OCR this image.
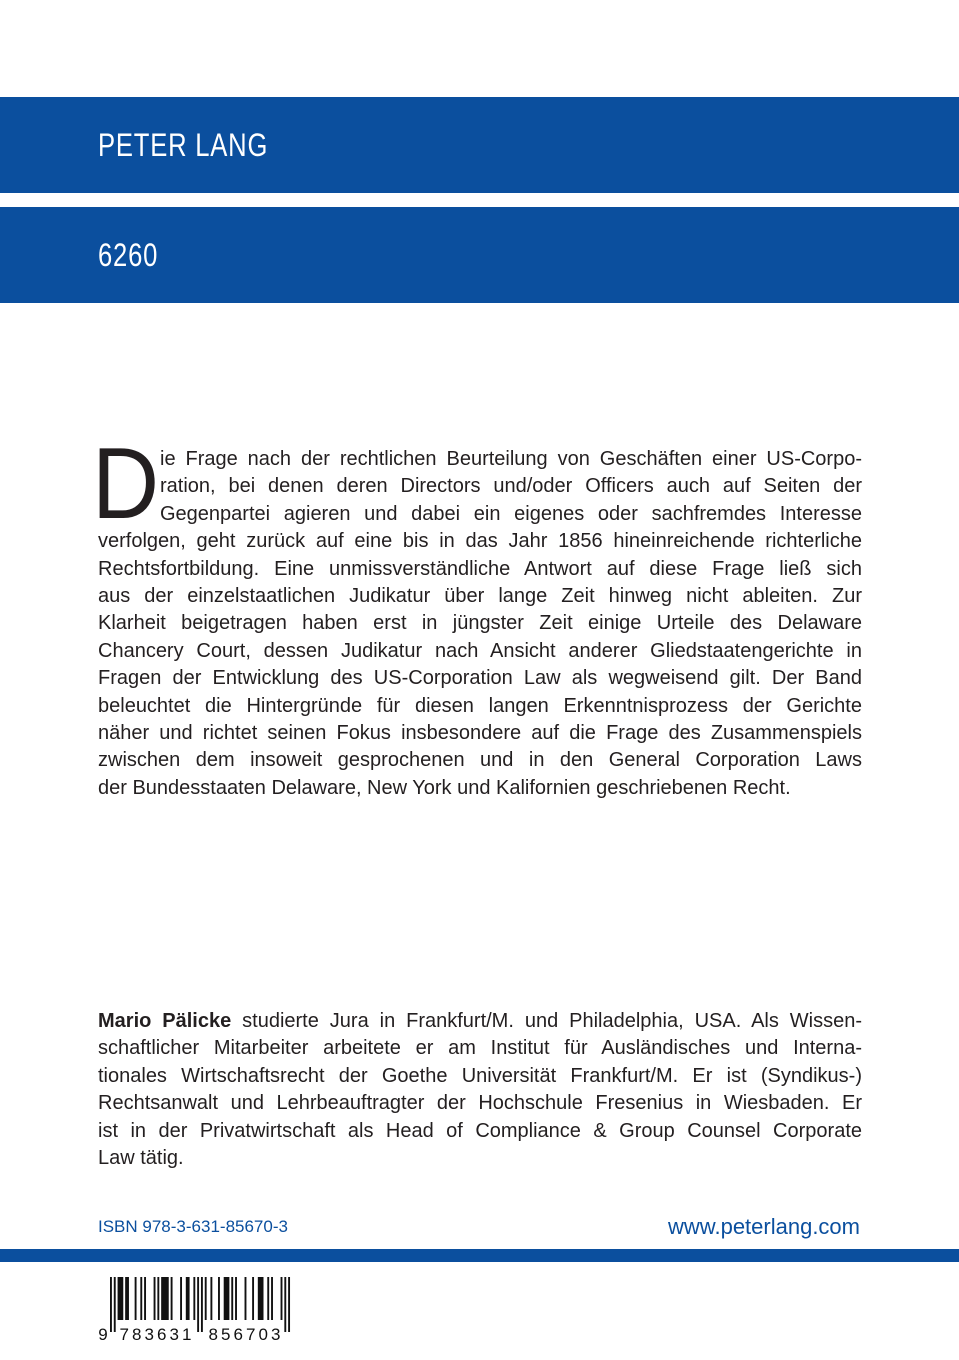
PETER LANG
6260
D ie Frage nach der rechtlichen Beurteilung von Geschäften einer US-Corpo-
ration, bei denen deren Directors und/oder Officers auch auf Seiten der
Gegenpartei agieren und dabei ein eigenes oder sachfremdes Interesse
verfolgen, geht zurück auf eine bis in das Jahr 1856 hineinreichende richterliche
Rechtsfortbildung. Eine unmissverständliche Antwort auf diese Frage ließ sich
aus der einzelstaatlichen Judikatur über lange Zeit hinweg nicht ableiten. Zur
Klarheit beigetragen haben erst in jüngster Zeit einige Urteile des Delaware
Chancery Court, dessen Judikatur nach Ansicht anderer Gliedstaatengerichte in
Fragen der Entwicklung des US-Corporation Law als wegweisend gilt. Der Band
beleuchtet die Hintergründe für diesen langen Erkenntnisprozess der Gerichte
näher und richtet seinen Fokus insbesondere auf die Frage des Zusammenspiels
zwischen dem insoweit gesprochenen und in den General Corporation Laws
der Bundesstaaten Delaware, New York und Kalifornien geschriebenen Recht.
Mario Pälicke studierte Jura in Frankfurt/M. und Philadelphia, USA. Als Wissen-
schaftlicher Mitarbeiter arbeitete er am Institut für Ausländisches und Interna-
tionales Wirtschaftsrecht der Goethe Universität Frankfurt/M. Er ist (Syndikus-)
Rechtsanwalt und Lehrbeauftragter der Hochschule Fresenius in Wiesbaden. Er
ist in der Privatwirtschaft als Head of Compliance & Group Counsel Corporate
Law tätig.
ISBN 978-3-631-85670-3	www.peterlang.com
9 783631 856703
